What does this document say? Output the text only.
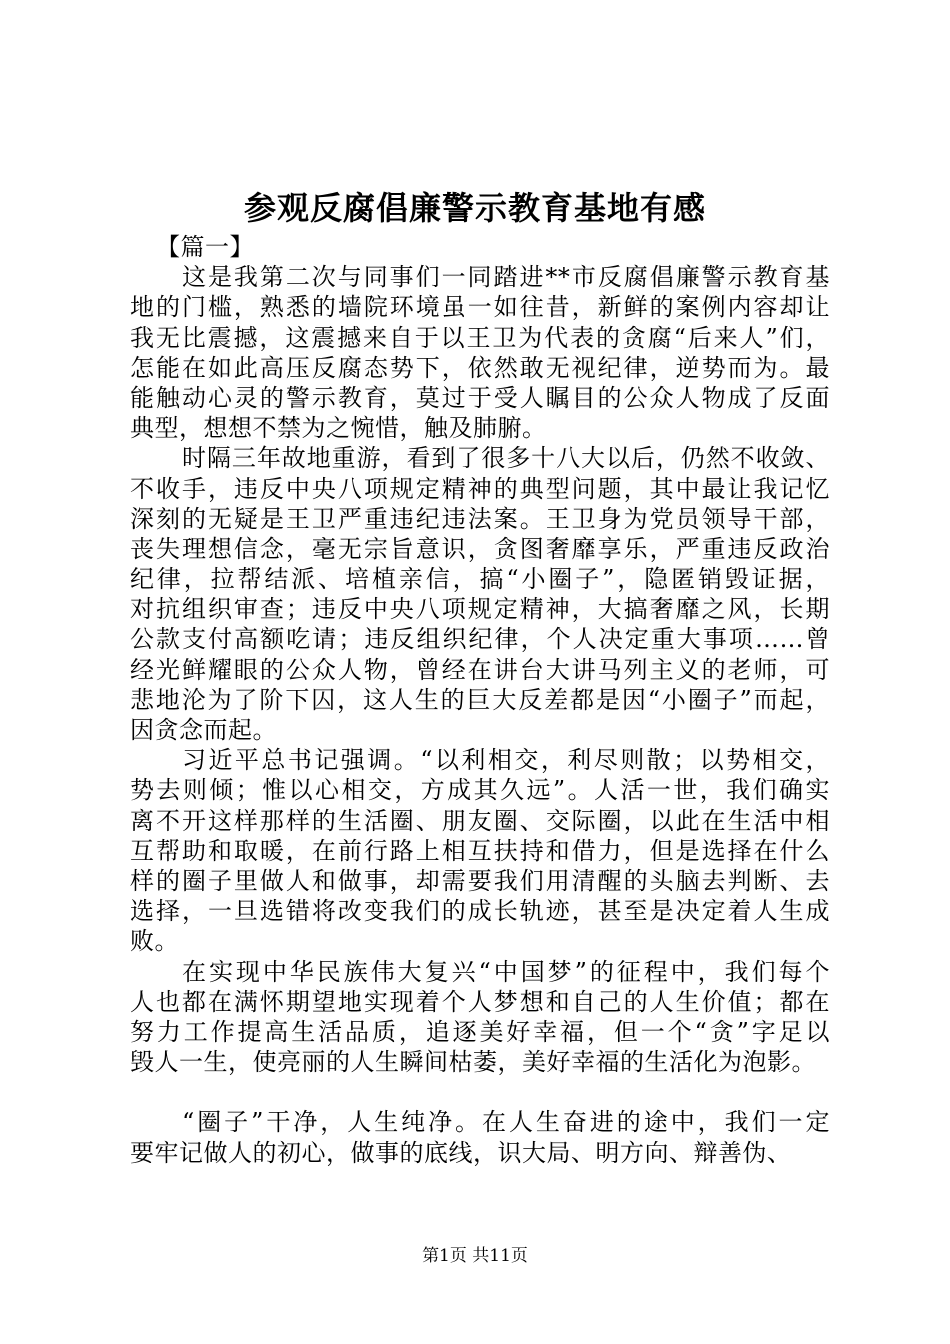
参观反腐倡廉警示教育基地有感
【篇一】
这是我第二次与同事们一同踏进**市反腐倡廉警示教育基
地的门槛，熟悉的墙院环境虽一如往昔，新鲜的案例内容却让
我无比震撼，这震撼来自于以王卫为代表的贪腐“后来人”们，
怎能在如此高压反腐态势下，依然敢无视纪律，逆势而为。最
能触动心灵的警示教育，莫过于受人瞩目的公众人物成了反面
典型，想想不禁为之惋惜，触及肺腑。
时隔三年故地重游，看到了很多十八大以后，仍然不收敛、
不收手，违反中央八项规定精神的典型问题，其中最让我记忆
深刻的无疑是王卫严重违纪违法案。王卫身为党员领导干部，
丧失理想信念，毫无宗旨意识，贪图奢靡享乐，严重违反政治
纪律，拉帮结派、培植亲信，搞“小圈子”，隐匿销毁证据，
对抗组织审查；违反中央八项规定精神，大搞奢靡之风，长期
公款支付高额吃请；违反组织纪律，个人决定重大事项……曾
经光鲜耀眼的公众人物，曾经在讲台大讲马列主义的老师，可
悲地沦为了阶下囚，这人生的巨大反差都是因“小圈子”而起，
因贪念而起。
习近平总书记强调。“以利相交，利尽则散；以势相交，
势去则倾；惟以心相交，方成其久远”。人活一世，我们确实
离不开这样那样的生活圈、朋友圈、交际圈，以此在生活中相
互帮助和取暖，在前行路上相互扶持和借力，但是选择在什么
样的圈子里做人和做事，却需要我们用清醒的头脑去判断、去
选择，一旦选错将改变我们的成长轨迹，甚至是决定着人生成
败。
在实现中华民族伟大复兴“中国梦”的征程中，我们每个
人也都在满怀期望地实现着个人梦想和自己的人生价值；都在
努力工作提高生活品质，追逐美好幸福，但一个“贪”字足以
毁人一生，使亮丽的人生瞬间枯萎，美好幸福的生活化为泡影。
“圈子”干净，人生纯净。在人生奋进的途中，我们一定
要牢记做人的初心，做事的底线，识大局、明方向、辩善伪、
第1页 共11页
